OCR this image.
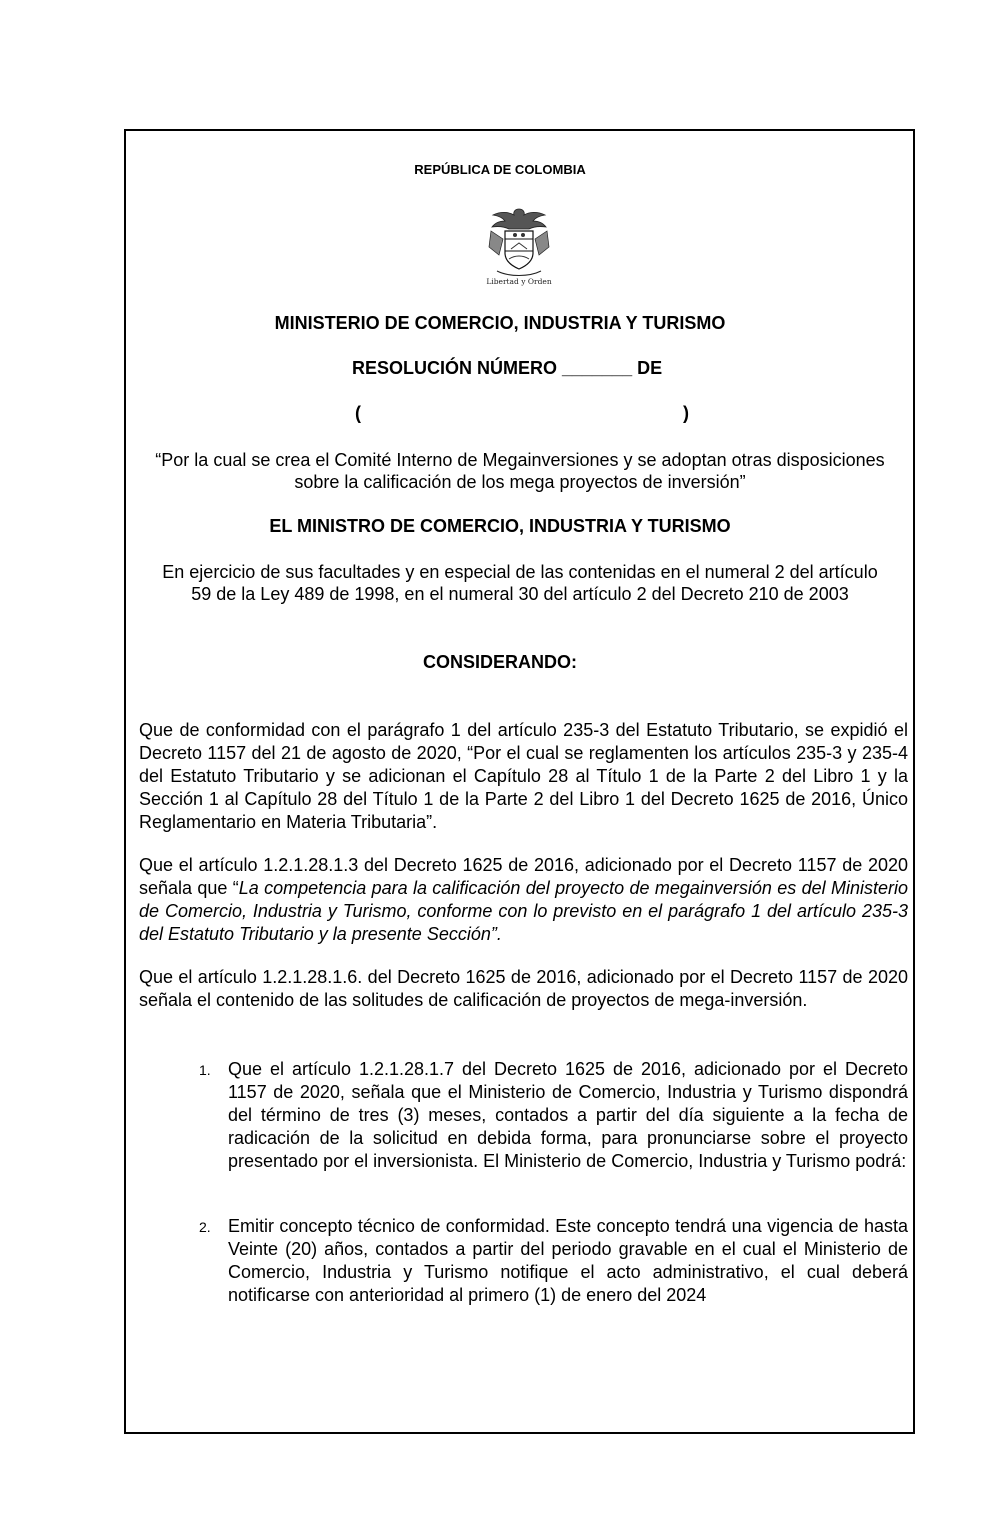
REPÚBLICA DE COLOMBIA
Libertad y Orden
MINISTERIO DE COMERCIO, INDUSTRIA Y TURISMO
RESOLUCIÓN NÚMERO _______ DE
(	)
“Por la cual se crea el Comité Interno de Megainversiones y se adoptan otras disposiciones sobre la calificación de los mega proyectos de inversión”
EL MINISTRO DE COMERCIO, INDUSTRIA Y TURISMO
En ejercicio de sus facultades y en especial de las contenidas en el numeral 2 del artículo 59 de la Ley 489 de 1998, en el numeral 30 del artículo 2 del Decreto 210 de 2003
CONSIDERANDO:
Que de conformidad con el parágrafo 1 del artículo 235-3 del Estatuto Tributario, se expidió el Decreto 1157 del 21 de agosto de 2020, “Por el cual se reglamenten los artículos 235-3 y 235-4 del Estatuto Tributario y se adicionan el Capítulo 28 al Título 1 de la Parte 2 del Libro 1 y la Sección 1 al Capítulo 28 del Título 1 de la Parte 2 del Libro 1 del Decreto 1625 de 2016, Único Reglamentario en Materia Tributaria”.
Que el artículo 1.2.1.28.1.3 del Decreto 1625 de 2016, adicionado por el Decreto 1157 de 2020 señala que “La competencia para la calificación del proyecto de megainversión es del Ministerio de Comercio, Industria y Turismo, conforme con lo previsto en el parágrafo 1 del artículo 235-3 del Estatuto Tributario y la presente Sección”.
Que el artículo 1.2.1.28.1.6. del Decreto 1625 de 2016, adicionado por el Decreto 1157 de 2020 señala el contenido de las solitudes de calificación de proyectos de mega-inversión.
1. Que el artículo 1.2.1.28.1.7 del Decreto 1625 de 2016, adicionado por el Decreto 1157 de 2020, señala que el Ministerio de Comercio, Industria y Turismo dispondrá del término de tres (3) meses, contados a partir del día siguiente a la fecha de radicación de la solicitud en debida forma, para pronunciarse sobre el proyecto presentado por el inversionista. El Ministerio de Comercio, Industria y Turismo podrá:
2. Emitir concepto técnico de conformidad. Este concepto tendrá una vigencia de hasta Veinte (20) años, contados a partir del periodo gravable en el cual el Ministerio de Comercio, Industria y Turismo notifique el acto administrativo, el cual deberá notificarse con anterioridad al primero (1) de enero del 2024
